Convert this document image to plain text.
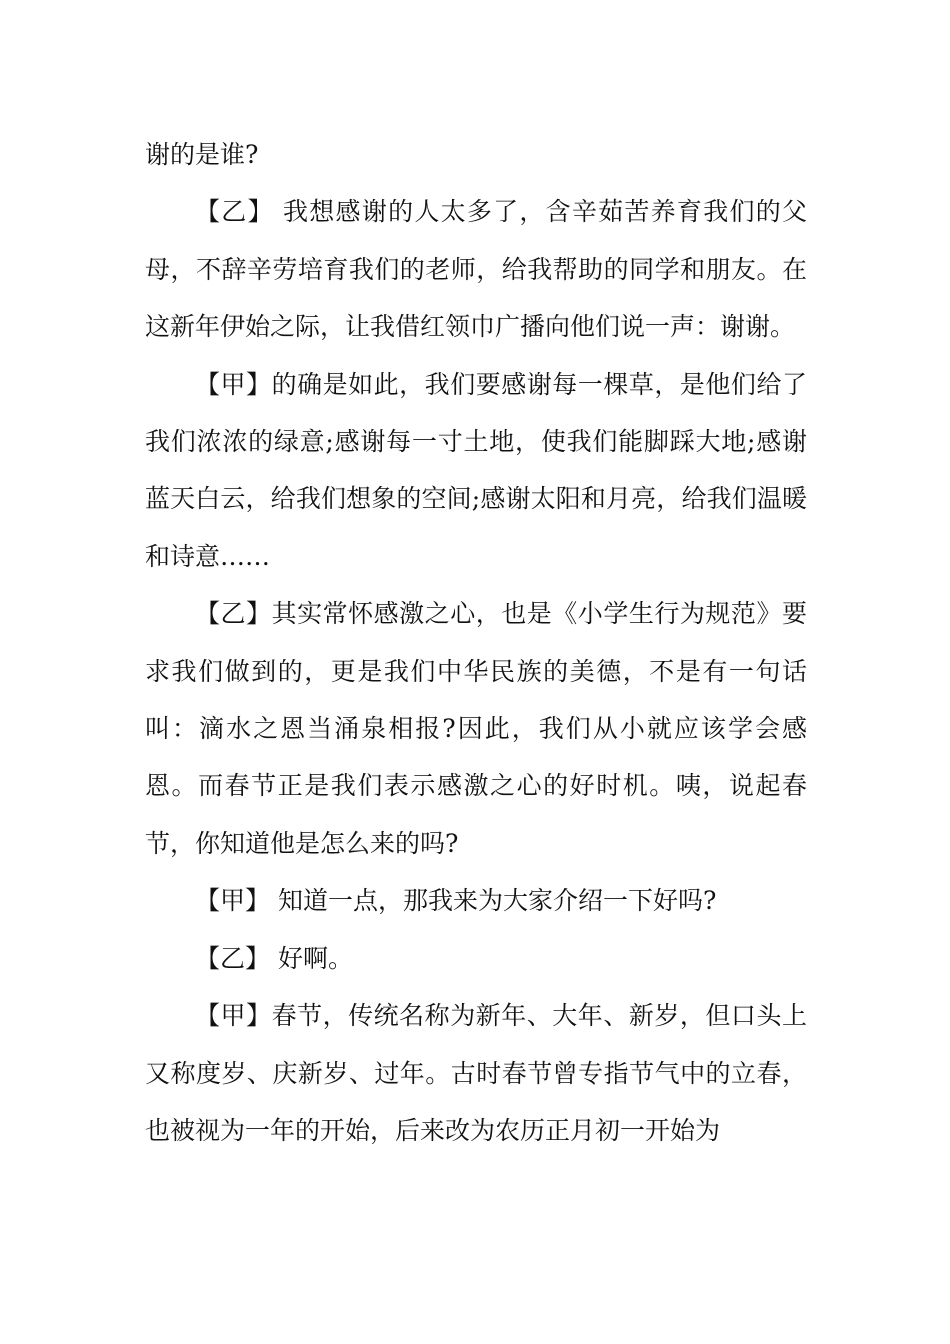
谢的是谁?

【乙】 我想感谢的人太多了，含辛茹苦养育我们的父母，不辞辛劳培育我们的老师，给我帮助的同学和朋友。在这新年伊始之际，让我借红领巾广播向他们说一声：谢谢。

【甲】的确是如此，我们要感谢每一棵草，是他们给了我们浓浓的绿意;感谢每一寸土地，使我们能脚踩大地;感谢蓝天白云，给我们想象的空间;感谢太阳和月亮，给我们温暖和诗意……

【乙】其实常怀感激之心，也是《小学生行为规范》要求我们做到的，更是我们中华民族的美德，不是有一句话叫：滴水之恩当涌泉相报?因此，我们从小就应该学会感恩。而春节正是我们表示感激之心的好时机。咦，说起春节，你知道他是怎么来的吗?

【甲】 知道一点，那我来为大家介绍一下好吗?

【乙】 好啊。

【甲】春节，传统名称为新年、大年、新岁，但口头上又称度岁、庆新岁、过年。古时春节曾专指节气中的立春，也被视为一年的开始，后来改为农历正月初一开始为
